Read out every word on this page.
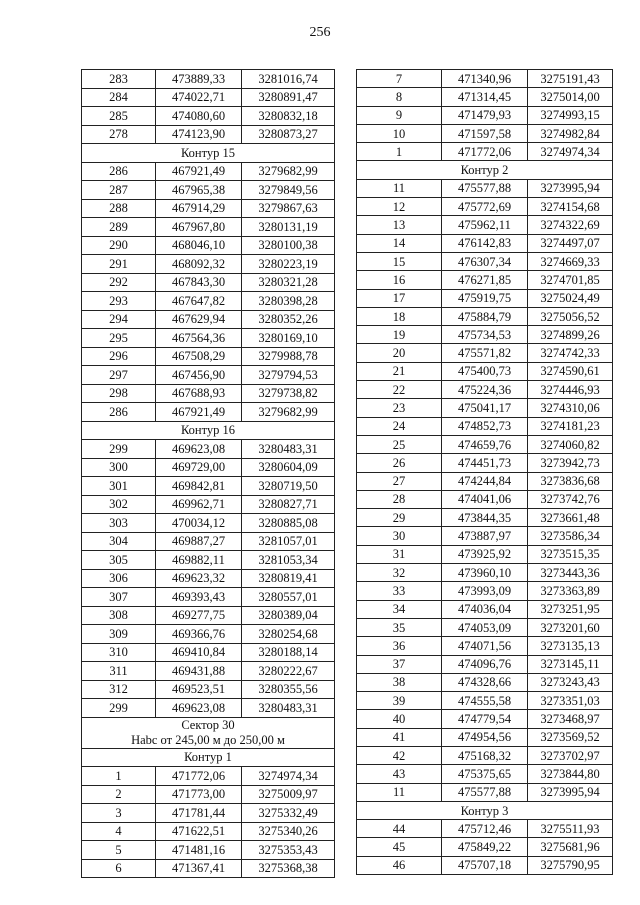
256
283	473889,33	3281016,74
284	474022,71	3280891,47
285	474080,60	3280832,18
278	474123,90	3280873,27
Контур 15		
286	467921,49	3279682,99
287	467965,38	3279849,56
288	467914,29	3279867,63
289	467967,80	3280131,19
290	468046,10	3280100,38
291	468092,32	3280223,19
292	467843,30	3280321,28
293	467647,82	3280398,28
294	467629,94	3280352,26
295	467564,36	3280169,10
296	467508,29	3279988,78
297	467456,90	3279794,53
298	467688,93	3279738,82
286	467921,49	3279682,99
Контур 16		
299	469623,08	3280483,31
300	469729,00	3280604,09
301	469842,81	3280719,50
302	469962,71	3280827,71
303	470034,12	3280885,08
304	469887,27	3281057,01
305	469882,11	3281053,34
306	469623,32	3280819,41
307	469393,43	3280557,01
308	469277,75	3280389,04
309	469366,76	3280254,68
310	469410,84	3280188,14
311	469431,88	3280222,67
312	469523,51	3280355,56
299	469623,08	3280483,31

Сектор 30
Нabс от 245,00 м до 250,00 м		

Контур 1		
1	471772,06	3274974,34
2	471773,00	3275009,97
3	471781,44	3275332,49
4	471622,51	3275340,26
5	471481,16	3275353,43
6	471367,41	3275368,38
7	471340,96	3275191,43
8	471314,45	3275014,00
9	471479,93	3274993,15
10	471597,58	3274982,84
1	471772,06	3274974,34
Контур 2		
11	475577,88	3273995,94
12	475772,69	3274154,68
13	475962,11	3274322,69
14	476142,83	3274497,07
15	476307,34	3274669,33
16	476271,85	3274701,85
17	475919,75	3275024,49
18	475884,79	3275056,52
19	475734,53	3274899,26
20	475571,82	3274742,33
21	475400,73	3274590,61
22	475224,36	3274446,93
23	475041,17	3274310,06
24	474852,73	3274181,23
25	474659,76	3274060,82
26	474451,73	3273942,73
27	474244,84	3273836,68
28	474041,06	3273742,76
29	473844,35	3273661,48
30	473887,97	3273586,34
31	473925,92	3273515,35
32	473960,10	3273443,36
33	473993,09	3273363,89
34	474036,04	3273251,95
35	474053,09	3273201,60
36	474071,56	3273135,13
37	474096,76	3273145,11
38	474328,66	3273243,43
39	474555,58	3273351,03
40	474779,54	3273468,97
41	474954,56	3273569,52
42	475168,32	3273702,97
43	475375,65	3273844,80
11	475577,88	3273995,94
Контур 3		
44	475712,46	3275511,93
45	475849,22	3275681,96
46	475707,18	3275790,95
